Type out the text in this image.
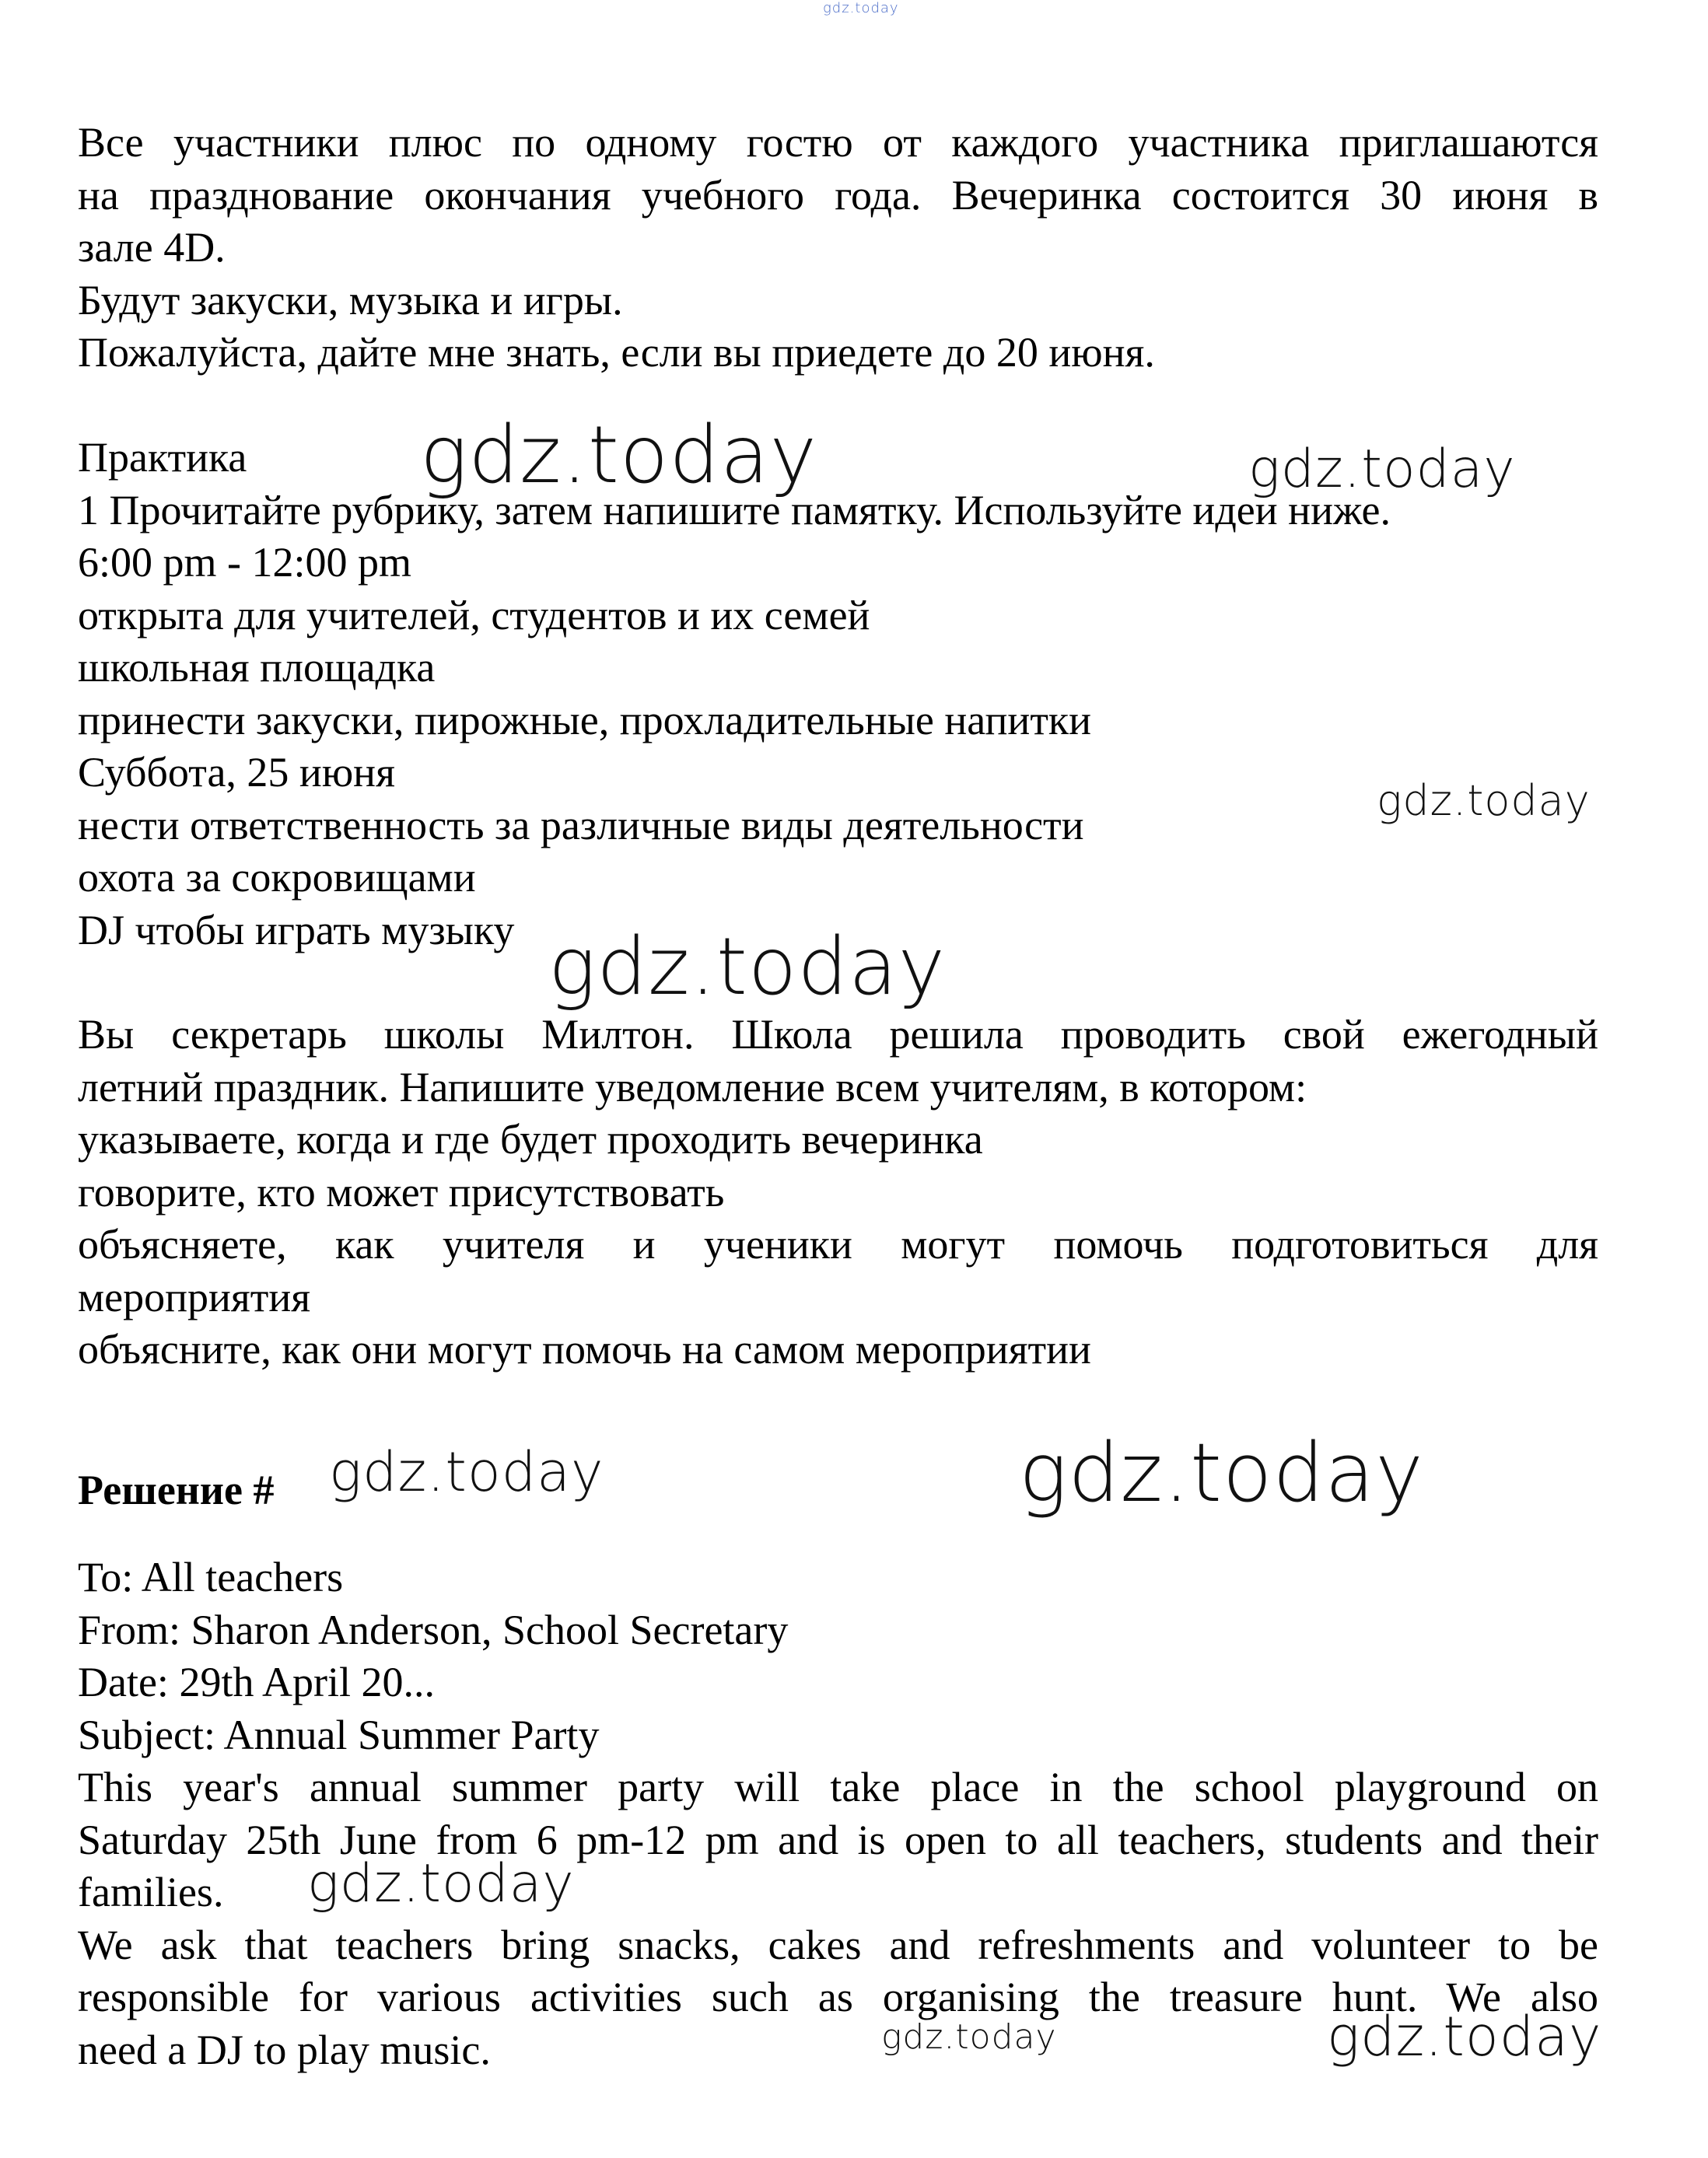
gdz.today
Все участники плюс по одному гостю от каждого участника приглашаются
на празднование окончания учебного года. Вечеринка состоится 30 июня в
зале 4D.
Будут закуски, музыка и игры.
Пожалуйста, дайте мне знать, если вы приедете до 20 июня.
Практика
1 Прочитайте рубрику, затем напишите памятку. Используйте идеи ниже.
6:00 pm - 12:00 pm
открыта для учителей, студентов и их семей
школьная площадка
принести закуски, пирожные, прохладительные напитки
Суббота, 25 июня
нести ответственность за различные виды деятельности
охота за сокровищами
DJ чтобы играть музыку
Вы секретарь школы Милтон. Школа решила проводить свой ежегодный
летний праздник. Напишите уведомление всем учителям, в котором:
указываете, когда и где будет проходить вечеринка
говорите, кто может присутствовать
объясняете, как учителя и ученики могут помочь подготовиться для
мероприятия
объясните, как они могут помочь на самом мероприятии
Решение #
To: All teachers
From: Sharon Anderson, School Secretary
Date: 29th April 20...
Subject: Annual Summer Party
This year's annual summer party will take place in the school playground on
Saturday 25th June from 6 pm-12 pm and is open to all teachers, students and their
families.
We ask that teachers bring snacks, cakes and refreshments and volunteer to be
responsible for various activities such as organising the treasure hunt. We also
need a DJ to play music.
gdz.today	gdz.today
gdz.today
gdz.today
gdz.today	gdz.today
gdz.today
gdz.today	gdz.today
